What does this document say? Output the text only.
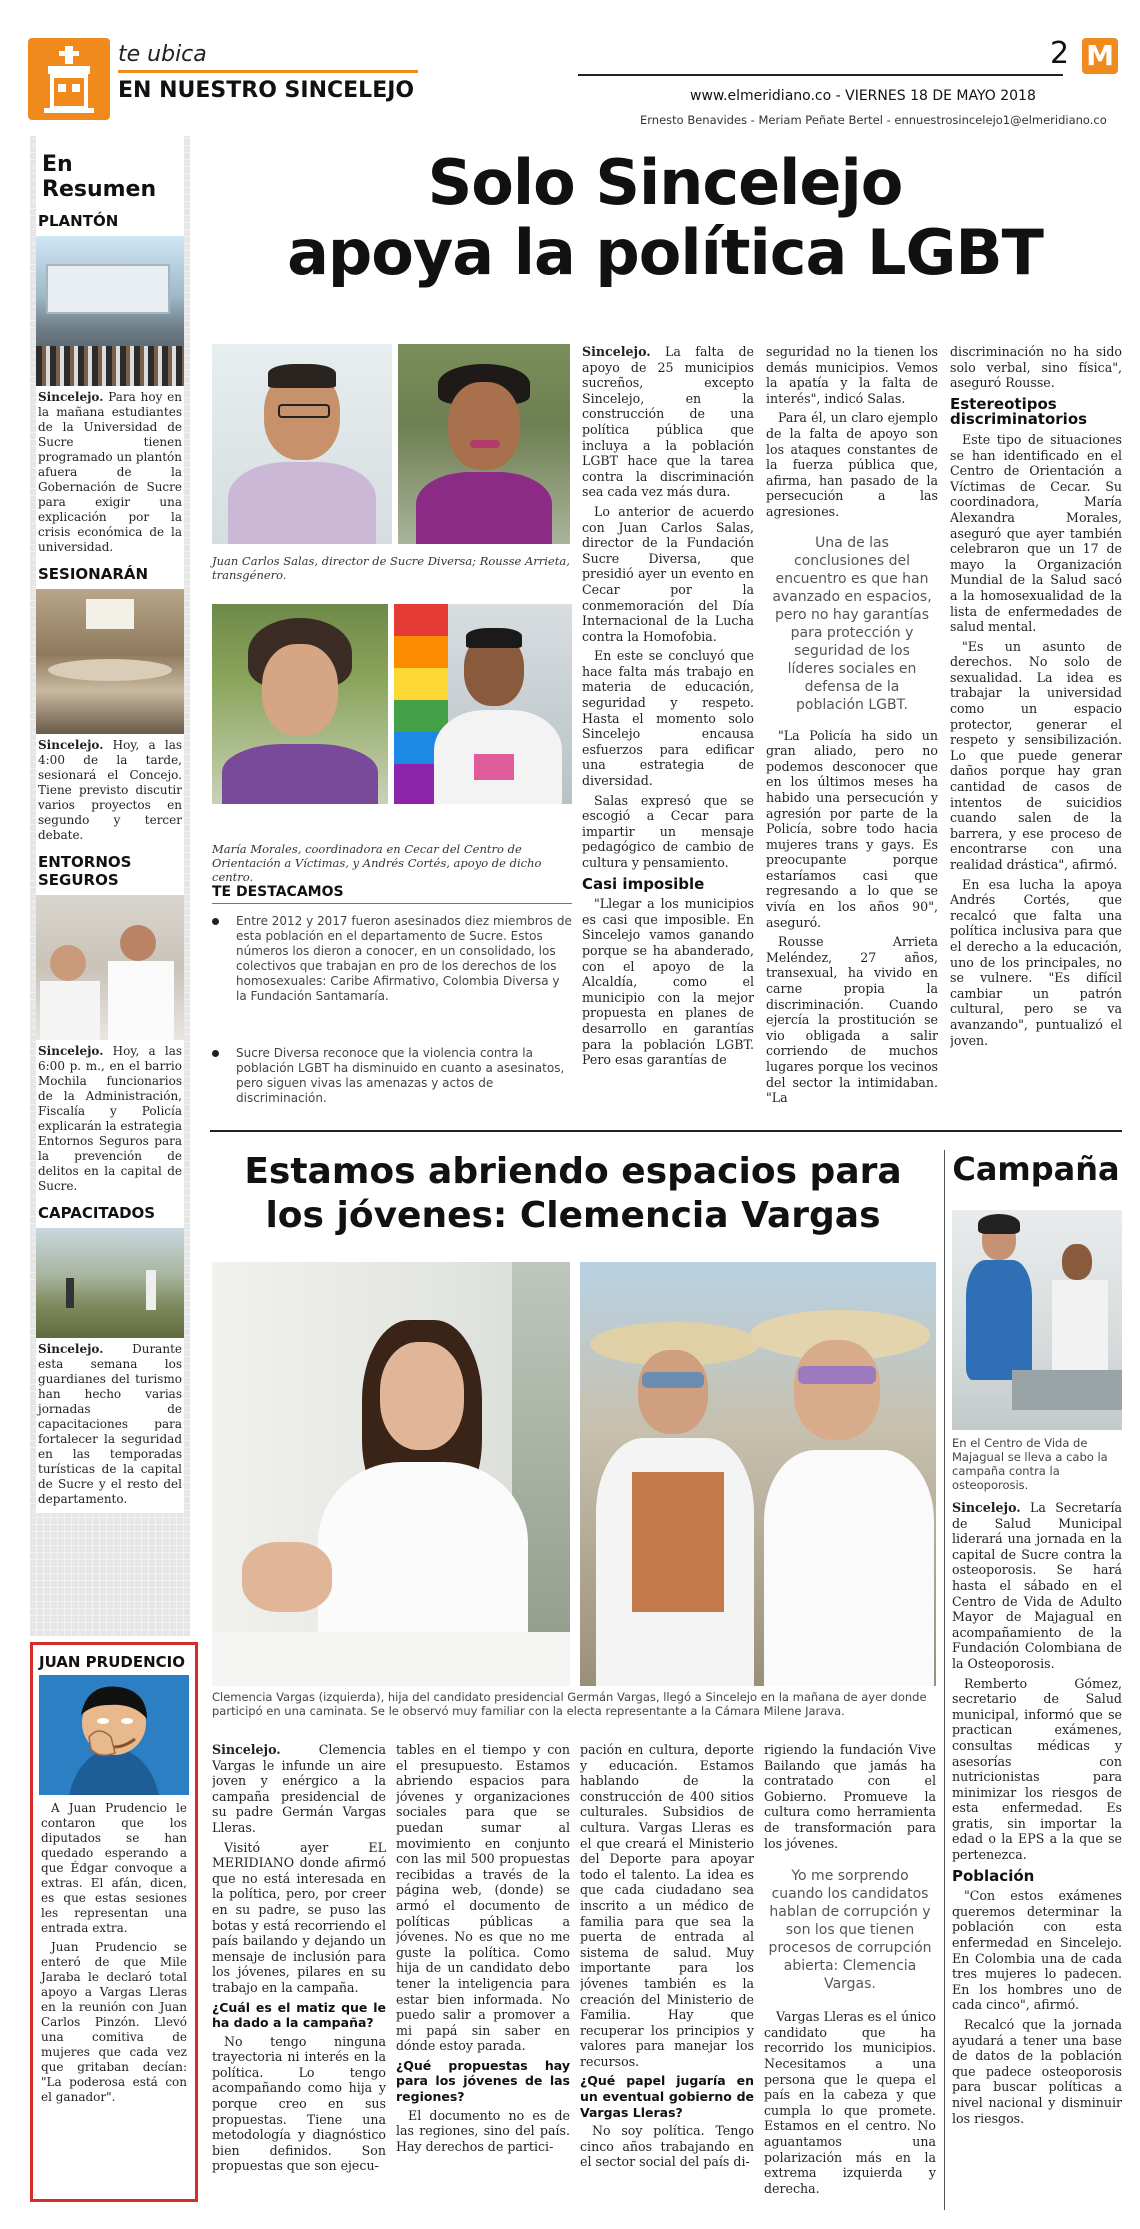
te ubica
EN NUESTRO SINCELEJO
2 M
www.elmeridiano.co - VIERNES 18 DE MAYO 2018
Ernesto Benavides - Meriam Peñate Bertel - ennuestrosincelejo1@elmeridiano.co
En Resumen
PLANTÓN
Sincelejo. Para hoy en la mañana estudiantes de la Universidad de Sucre tienen programado un plantón afuera de la Gobernación de Sucre para exigir una explicación por la crisis económica de la universidad.
SESIONARÁN
Sincelejo. Hoy, a las 4:00 de la tarde, sesionará el Concejo. Tiene previsto discutir varios proyectos en segundo y tercer debate.
ENTORNOS SEGUROS
Sincelejo. Hoy, a las 6:00 p. m., en el barrio Mochila funcionarios de la Administración, Fiscalía y Policía explicarán la estrategia Entornos Seguros para la prevención de delitos en la capital de Sucre.
CAPACITADOS
Sincelejo. Durante esta semana los guardianes del turismo han hecho varias jornadas de capacitaciones para fortalecer la seguridad en las temporadas turísticas de la capital de Sucre y el resto del departamento.
JUAN PRUDENCIO
A Juan Prudencio le contaron que los diputados se han quedado esperando a que Édgar convoque a extras. El afán, dicen, es que estas sesiones les representan una entrada extra.
Juan Prudencio se enteró de que Mile Jaraba le declaró total apoyo a Vargas Lleras en la reunión con Juan Carlos Pinzón. Llevó una comitiva de mujeres que cada vez que gritaban decían: "La poderosa está con el ganador".
Solo Sincelejo
apoya la política LGBT
Juan Carlos Salas, director de Sucre Diversa; Rousse Arrieta, transgénero.
María Morales, coordinadora en Cecar del Centro de Orientación a Víctimas, y Andrés Cortés, apoyo de dicho centro.
TE DESTACAMOS
Entre 2012 y 2017 fueron asesinados diez miembros de esta población en el departamento de Sucre. Estos números los dieron a conocer, en un consolidado, los colectivos que trabajan en pro de los derechos de los homosexuales: Caribe Afirmativo, Colombia Diversa y la Fundación Santamaría.
Sucre Diversa reconoce que la violencia contra la población LGBT ha disminuido en cuanto a asesinatos, pero siguen vivas las amenazas y actos de discriminación.

Sincelejo. La falta de apoyo de 25 municipios sucreños, excepto Sincelejo, en la construcción de una política pública que incluya a la población LGBT hace que la tarea contra la discriminación sea cada vez más dura.

Lo anterior de acuerdo con Juan Carlos Salas, director de la Fundación Sucre Diversa, que presidió ayer un evento en Cecar por la conmemoración del Día Internacional de la Lucha contra la Homofobia.

En este se concluyó que hace falta más trabajo en materia de educación, seguridad y respeto. Hasta el momento solo Sincelejo encausa esfuerzos para edificar una estrategia de diversidad.

Salas expresó que se escogió a Cecar para impartir un mensaje pedagógico de cambio de cultura y pensamiento.

Casi imposible

"Llegar a los municipios es casi que imposible. En Sincelejo vamos ganando porque se ha abanderado, con el apoyo de la Alcaldía, como el municipio con la mejor propuesta en planes de desarrollo en garantías para la población LGBT. Pero esas garantías de

seguridad no la tienen los demás municipios. Vemos la apatía y la falta de interés", indicó Salas.

Para él, un claro ejemplo de la falta de apoyo son los ataques constantes de la fuerza pública que, afirma, han pasado de la persecución a las agresiones.

Una de las conclusiones del encuentro es que han avanzado en espacios, pero no hay garantías para protección y seguridad de los líderes sociales en defensa de la población LGBT.

"La Policía ha sido un gran aliado, pero no podemos desconocer que en los últimos meses ha habido una persecución y agresión por parte de la Policía, sobre todo hacia mujeres trans y gays. Es preocupante porque estaríamos casi que regresando a lo que se vivía en los años 90", aseguró.

Rousse Arrieta Meléndez, 27 años, transexual, ha vivido en carne propia la discriminación. Cuando ejercía la prostitución se vio obligada a salir corriendo de muchos lugares porque los vecinos del sector la intimidaban. "La

discriminación no ha sido solo verbal, sino física", aseguró Rousse.

Estereotipos discriminatorios

Este tipo de situaciones se han identificado en el Centro de Orientación a Víctimas de Cecar. Su coordinadora, María Alexandra Morales, aseguró que ayer también celebraron que un 17 de mayo la Organización Mundial de la Salud sacó a la homosexualidad de la lista de enfermedades de salud mental.

"Es un asunto de derechos. No solo de sexualidad. La idea es trabajar la universidad como un espacio protector, generar el respeto y sensibilización. Lo que puede generar daños porque hay gran cantidad de casos de intentos de suicidios cuando salen de la barrera, y ese proceso de encontrarse con una realidad drástica", afirmó.

En esa lucha la apoya Andrés Cortés, que recalcó que falta una política inclusiva para que el derecho a la educación, uno de los principales, no se vulnere. "Es difícil cambiar un patrón cultural, pero se va avanzando", puntualizó el joven.

Estamos abriendo espacios para
los jóvenes: Clemencia Vargas
Clemencia Vargas (izquierda), hija del candidato presidencial Germán Vargas, llegó a Sincelejo en la mañana de ayer donde participó en una caminata. Se le observó muy familiar con la electa representante a la Cámara Milene Jarava.

Sincelejo. Clemencia Vargas le infunde un aire joven y enérgico a la campaña presidencial de su padre Germán Vargas Lleras.

Visitó ayer EL MERIDIANO donde afirmó que no está interesada en la política, pero, por creer en su padre, se puso las botas y está recorriendo el país bailando y dejando un mensaje de inclusión para los jóvenes, pilares en su trabajo en la campaña.

¿Cuál es el matiz que le ha dado a la campaña?

No tengo ninguna trayectoria ni interés en la política. Lo tengo acompañando como hija y porque creo en sus propuestas. Tiene una metodología y diagnóstico bien definidos. Son propuestas que son ejecu-

tables en el tiempo y con el presupuesto. Estamos abriendo espacios para jóvenes y organizaciones sociales para que se puedan sumar al movimiento en conjunto con las mil 500 propuestas recibidas a través de la página web, (donde) se armó el documento de políticas públicas a jóvenes. No es que no me guste la política. Como hija de un candidato debo tener la inteligencia para estar bien informada. No puedo salir a promover a mi papá sin saber en dónde estoy parada.

¿Qué propuestas hay para los jóvenes de las regiones?

El documento no es de las regiones, sino del país. Hay derechos de partici-

pación en cultura, deporte y educación. Estamos hablando de la construcción de 400 sitios culturales. Subsidios de cultura. Vargas Lleras es el que creará el Ministerio del Deporte para apoyar todo el talento. La idea es que cada ciudadano sea inscrito a un médico de familia para que sea la puerta de entrada al sistema de salud. Muy importante para los jóvenes también es la creación del Ministerio de Familia. Hay que recuperar los principios y valores para manejar los recursos.

¿Qué papel jugaría en un eventual gobierno de Vargas Lleras?

No soy política. Tengo cinco años trabajando en el sector social del país di-

rigiendo la fundación Vive Bailando que jamás ha contratado con el Gobierno. Promueve la cultura como herramienta de transformación para los jóvenes.

Yo me sorprendo cuando los candidatos hablan de corrupción y son los que tienen procesos de corrupción abierta: Clemencia Vargas.

Vargas Lleras es el único candidato que ha recorrido los municipios. Necesitamos a una persona que le quepa el país en la cabeza y que cumpla lo que promete. Estamos en el centro. No aguantamos una polarización más en la extrema izquierda y derecha.

Campaña
En el Centro de Vida de Majagual se lleva a cabo la campaña contra la osteoporosis.

Sincelejo. La Secretaría de Salud Municipal liderará una jornada en la capital de Sucre contra la osteoporosis. Se hará hasta el sábado en el Centro de Vida de Adulto Mayor de Majagual en acompañamiento de la Fundación Colombiana de la Osteoporosis.

Remberto Gómez, secretario de Salud municipal, informó que se practican exámenes, consultas médicas y asesorías con nutricionistas para minimizar los riesgos de esta enfermedad. Es gratis, sin importar la edad o la EPS a la que se pertenezca.

Población

"Con estos exámenes queremos determinar la población con esta enfermedad en Sincelejo. En Colombia una de cada tres mujeres lo padecen. En los hombres uno de cada cinco", afirmó.

Recalcó que la jornada ayudará a tener una base de datos de la población que padece osteoporosis para buscar políticas a nivel nacional y disminuir los riesgos.
